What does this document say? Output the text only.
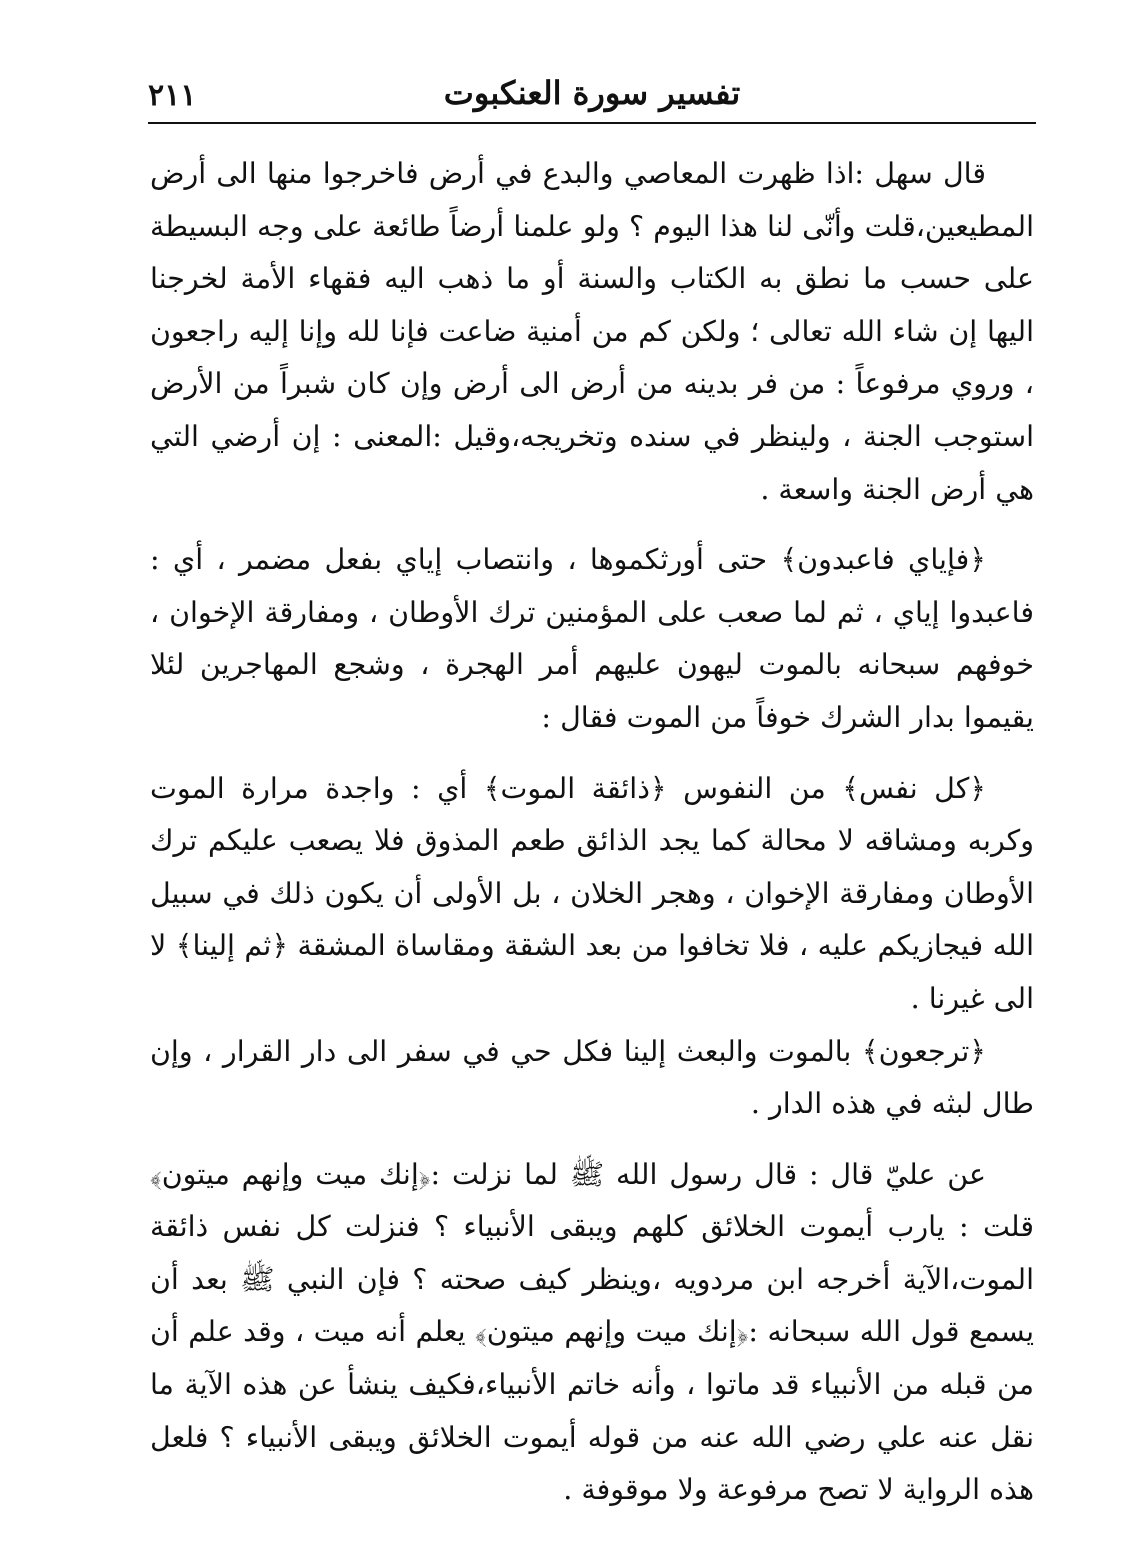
٢١١	تفسير سورة العنكبوت

قال سهل :اذا ظهرت المعاصي والبدع في أرض فاخرجوا منها الى أرض المطيعين،قلت وأنّى لنا هذا اليوم ؟ ولو علمنا أرضاً طائعة على وجه البسيطة على حسب ما نطق به الكتاب والسنة أو ما ذهب اليه فقهاء الأمة لخرجنا اليها إن شاء الله تعالى ؛ ولكن كم من أمنية ضاعت فإنا لله وإنا إليه راجعون ، وروي مرفوعاً : من فر بدينه من أرض الى أرض وإن كان شبراً من الأرض استوجب الجنة ، ولينظر في سنده وتخريجه،وقيل :المعنى : إن أرضي التي هي أرض الجنة واسعة .

﴿فإياي فاعبدون﴾ حتى أورثكموها ، وانتصاب إياي بفعل مضمر ، أي : فاعبدوا إياي ، ثم لما صعب على المؤمنين ترك الأوطان ، ومفارقة الإخوان ، خوفهم سبحانه بالموت ليهون عليهم أمر الهجرة ، وشجع المهاجرين لئلا يقيموا بدار الشرك خوفاً من الموت فقال :

﴿كل نفس﴾ من النفوس ﴿ذائقة الموت﴾ أي : واجدة مرارة الموت وكربه ومشاقه لا محالة كما يجد الذائق طعم المذوق فلا يصعب عليكم ترك الأوطان ومفارقة الإخوان ، وهجر الخلان ، بل الأولى أن يكون ذلك في سبيل الله فيجازيكم عليه ، فلا تخافوا من بعد الشقة ومقاساة المشقة ﴿ثم إلينا﴾ لا الى غيرنا .

﴿ترجعون﴾ بالموت والبعث إلينا فكل حي في سفر الى دار القرار ، وإن طال لبثه في هذه الدار .

عن عليّ قال : قال رسول الله ﷺ لما نزلت :﴿إنك ميت وإنهم ميتون﴾ قلت : يارب أيموت الخلائق كلهم ويبقى الأنبياء ؟ فنزلت كل نفس ذائقة الموت،الآية أخرجه ابن مردويه ،وينظر كيف صحته ؟ فإن النبي ﷺ بعد أن يسمع قول الله سبحانه :﴿إنك ميت وإنهم ميتون﴾ يعلم أنه ميت ، وقد علم أن من قبله من الأنبياء قد ماتوا ، وأنه خاتم الأنبياء،فكيف ينشأ عن هذه الآية ما نقل عنه علي رضي الله عنه من قوله أيموت الخلائق ويبقى الأنبياء ؟ فلعل هذه الرواية لا تصح مرفوعة ولا موقوفة .
